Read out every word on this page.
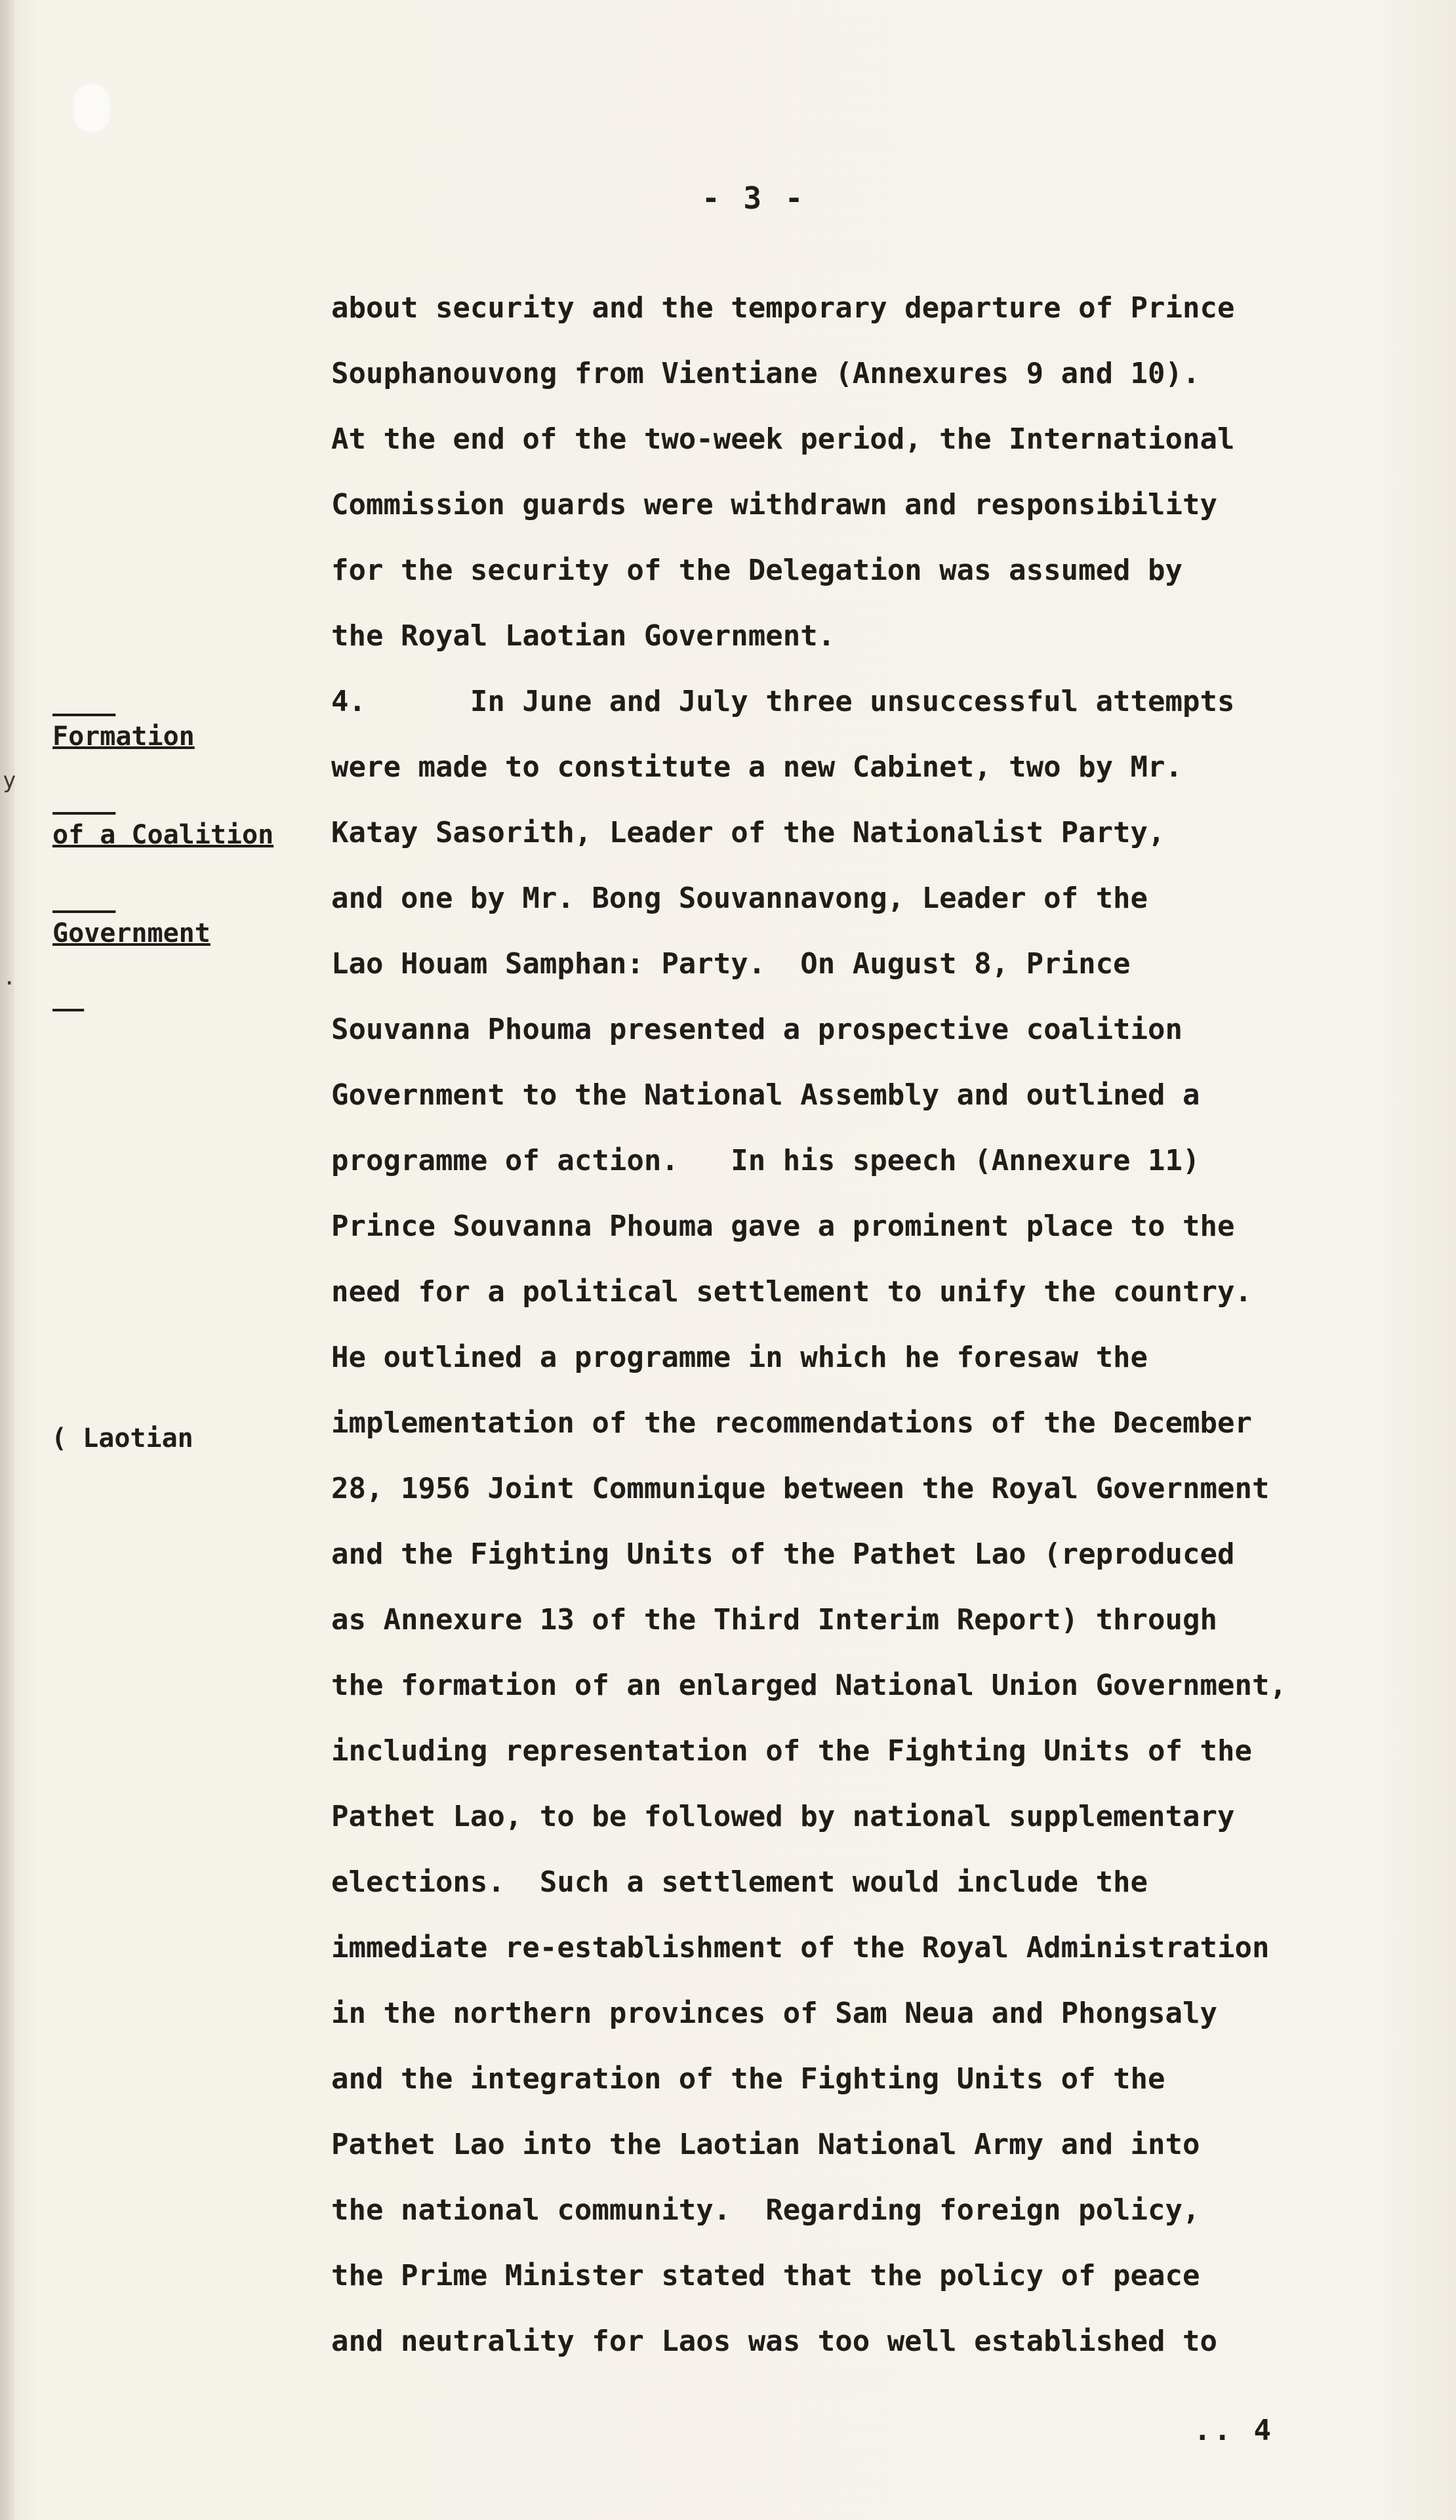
- 3 -

Formation

of a Coalition

Government

( Laotian
y
.
about security and the temporary departure of Prince
Souphanouvong from Vientiane (Annexures 9 and 10).
At the end of the two-week period, the International
Commission guards were withdrawn and responsibility
for the security of the Delegation was assumed by
the Royal Laotian Government.
4.      In June and July three unsuccessful attempts
were made to constitute a new Cabinet, two by Mr.
Katay Sasorith, Leader of the Nationalist Party,
and one by Mr. Bong Souvannavong, Leader of the
Lao Houam Samphan: Party.  On August 8, Prince
Souvanna Phouma presented a prospective coalition
Government to the National Assembly and outlined a
programme of action.   In his speech (Annexure 11)
Prince Souvanna Phouma gave a prominent place to the
need for a political settlement to unify the country.
He outlined a programme in which he foresaw the
implementation of the recommendations of the December
28, 1956 Joint Communique between the Royal Government
and the Fighting Units of the Pathet Lao (reproduced
as Annexure 13 of the Third Interim Report) through
the formation of an enlarged National Union Government,
including representation of the Fighting Units of the
Pathet Lao, to be followed by national supplementary
elections.  Such a settlement would include the
immediate re-establishment of the Royal Administration
in the northern provinces of Sam Neua and Phongsaly
and the integration of the Fighting Units of the
Pathet Lao into the Laotian National Army and into
the national community.  Regarding foreign policy,
the Prime Minister stated that the policy of peace
and neutrality for Laos was too well established to
.. 4
